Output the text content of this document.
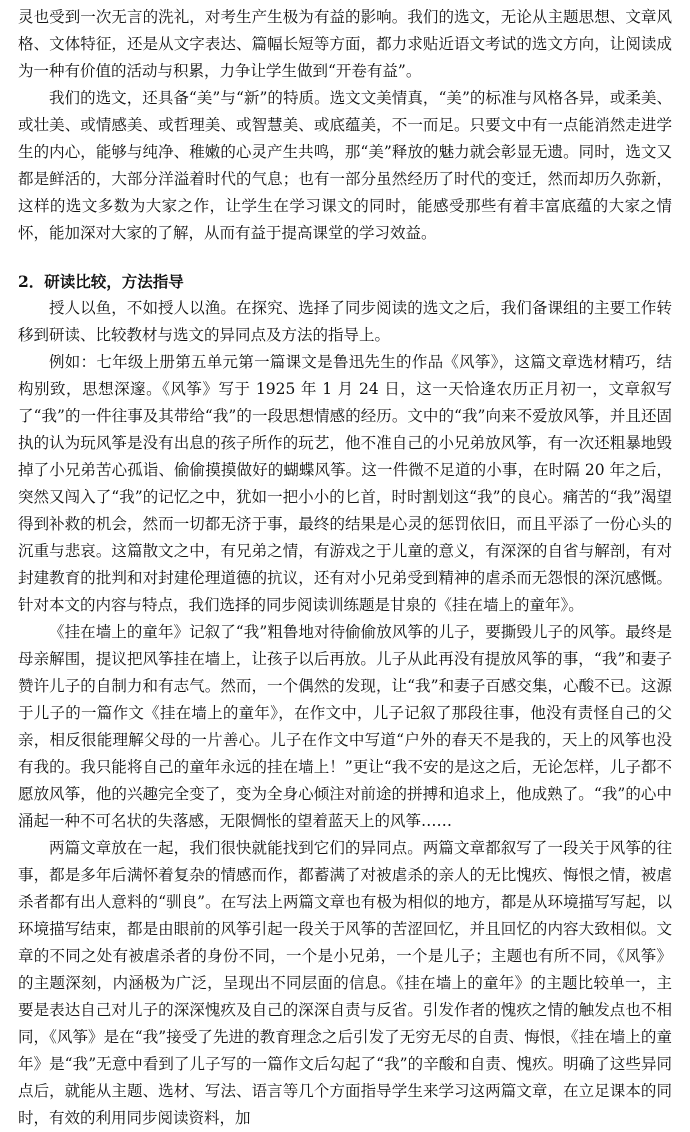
灵也受到一次无言的洗礼，对考生产生极为有益的影响。我们的选文，无论从主题思想、文章风格、文体特征，还是从文字表达、篇幅长短等方面，都力求贴近语文考试的选文方向，让阅读成为一种有价值的活动与积累，力争让学生做到“开卷有益”。

我们的选文，还具备“美”与“新”的特质。选文文美情真，“美”的标准与风格各异，或柔美、或壮美、或情感美、或哲理美、或智慧美、或底蕴美，不一而足。只要文中有一点能消然走进学生的内心，能够与纯净、稚嫩的心灵产生共鸣，那“美”释放的魅力就会彰显无遗。同时，选文又都是鲜活的，大部分洋溢着时代的气息；也有一部分虽然经历了时代的变迁，然而却历久弥新，这样的选文多数为大家之作，让学生在学习课文的同时，能感受那些有着丰富底蕴的大家之情怀，能加深对大家的了解，从而有益于提高课堂的学习效益。

2．研读比较，方法指导

授人以鱼，不如授人以渔。在探究、选择了同步阅读的选文之后，我们备课组的主要工作转移到研读、比较教材与选文的异同点及方法的指导上。

例如：七年级上册第五单元第一篇课文是鲁迅先生的作品《风筝》，这篇文章选材精巧，结构别致，思想深邃。《风筝》写于 1925 年 1 月 24 日，这一天恰逢农历正月初一，文章叙写了“我”的一件往事及其带给“我”的一段思想情感的经历。文中的“我”向来不爱放风筝，并且还固执的认为玩风筝是没有出息的孩子所作的玩艺，他不准自己的小兄弟放风筝，有一次还粗暴地毁掉了小兄弟苦心孤诣、偷偷摸摸做好的蝴蝶风筝。这一件微不足道的小事，在时隔 20 年之后，突然又闯入了“我”的记忆之中，犹如一把小小的匕首，时时割划这“我”的良心。痛苦的“我”渴望得到补救的机会，然而一切都无济于事，最终的结果是心灵的惩罚依旧，而且平添了一份心头的沉重与悲哀。这篇散文之中，有兄弟之情，有游戏之于儿童的意义，有深深的自省与解剖，有对封建教育的批判和对封建伦理道德的抗议，还有对小兄弟受到精神的虐杀而无怨恨的深沉感慨。针对本文的内容与特点，我们选择的同步阅读训练题是甘泉的《挂在墙上的童年》。

《挂在墙上的童年》记叙了“我”粗鲁地对待偷偷放风筝的儿子，要撕毁儿子的风筝。最终是母亲解围，提议把风筝挂在墙上，让孩子以后再放。儿子从此再没有提放风筝的事，“我”和妻子赞许儿子的自制力和有志气。然而，一个偶然的发现，让“我”和妻子百感交集，心酸不已。这源于儿子的一篇作文《挂在墙上的童年》，在作文中，儿子记叙了那段往事，他没有责怪自己的父亲，相反很能理解父母的一片善心。儿子在作文中写道“户外的春天不是我的，天上的风筝也没有我的。我只能将自己的童年永远的挂在墙上！”更让“我不安的是这之后，无论怎样，儿子都不愿放风筝，他的兴趣完全变了，变为全身心倾注对前途的拼搏和追求上，他成熟了。“我”的心中涌起一种不可名状的失落感，无限惆怅的望着蓝天上的风筝……

两篇文章放在一起，我们很快就能找到它们的异同点。两篇文章都叙写了一段关于风筝的往事，都是多年后满怀着复杂的情感而作，都蓄满了对被虐杀的亲人的无比愧疚、悔恨之情，被虐杀者都有出人意料的“驯良”。在写法上两篇文章也有极为相似的地方，都是从环境描写写起，以环境描写结束，都是由眼前的风筝引起一段关于风筝的苦涩回忆，并且回忆的内容大致相似。文章的不同之处有被虐杀者的身份不同，一个是小兄弟，一个是儿子；主题也有所不同，《风筝》的主题深刻，内涵极为广泛，呈现出不同层面的信息。《挂在墙上的童年》的主题比较单一，主要是表达自己对儿子的深深愧疚及自己的深深自责与反省。引发作者的愧疚之情的触发点也不相同，《风筝》是在“我”接受了先进的教育理念之后引发了无穷无尽的自责、悔恨，《挂在墙上的童年》是“我”无意中看到了儿子写的一篇作文后勾起了“我”的辛酸和自责、愧疚。明确了这些异同点后，就能从主题、选材、写法、语言等几个方面指导学生来学习这两篇文章，在立足课本的同时，有效的利用同步阅读资料，加
